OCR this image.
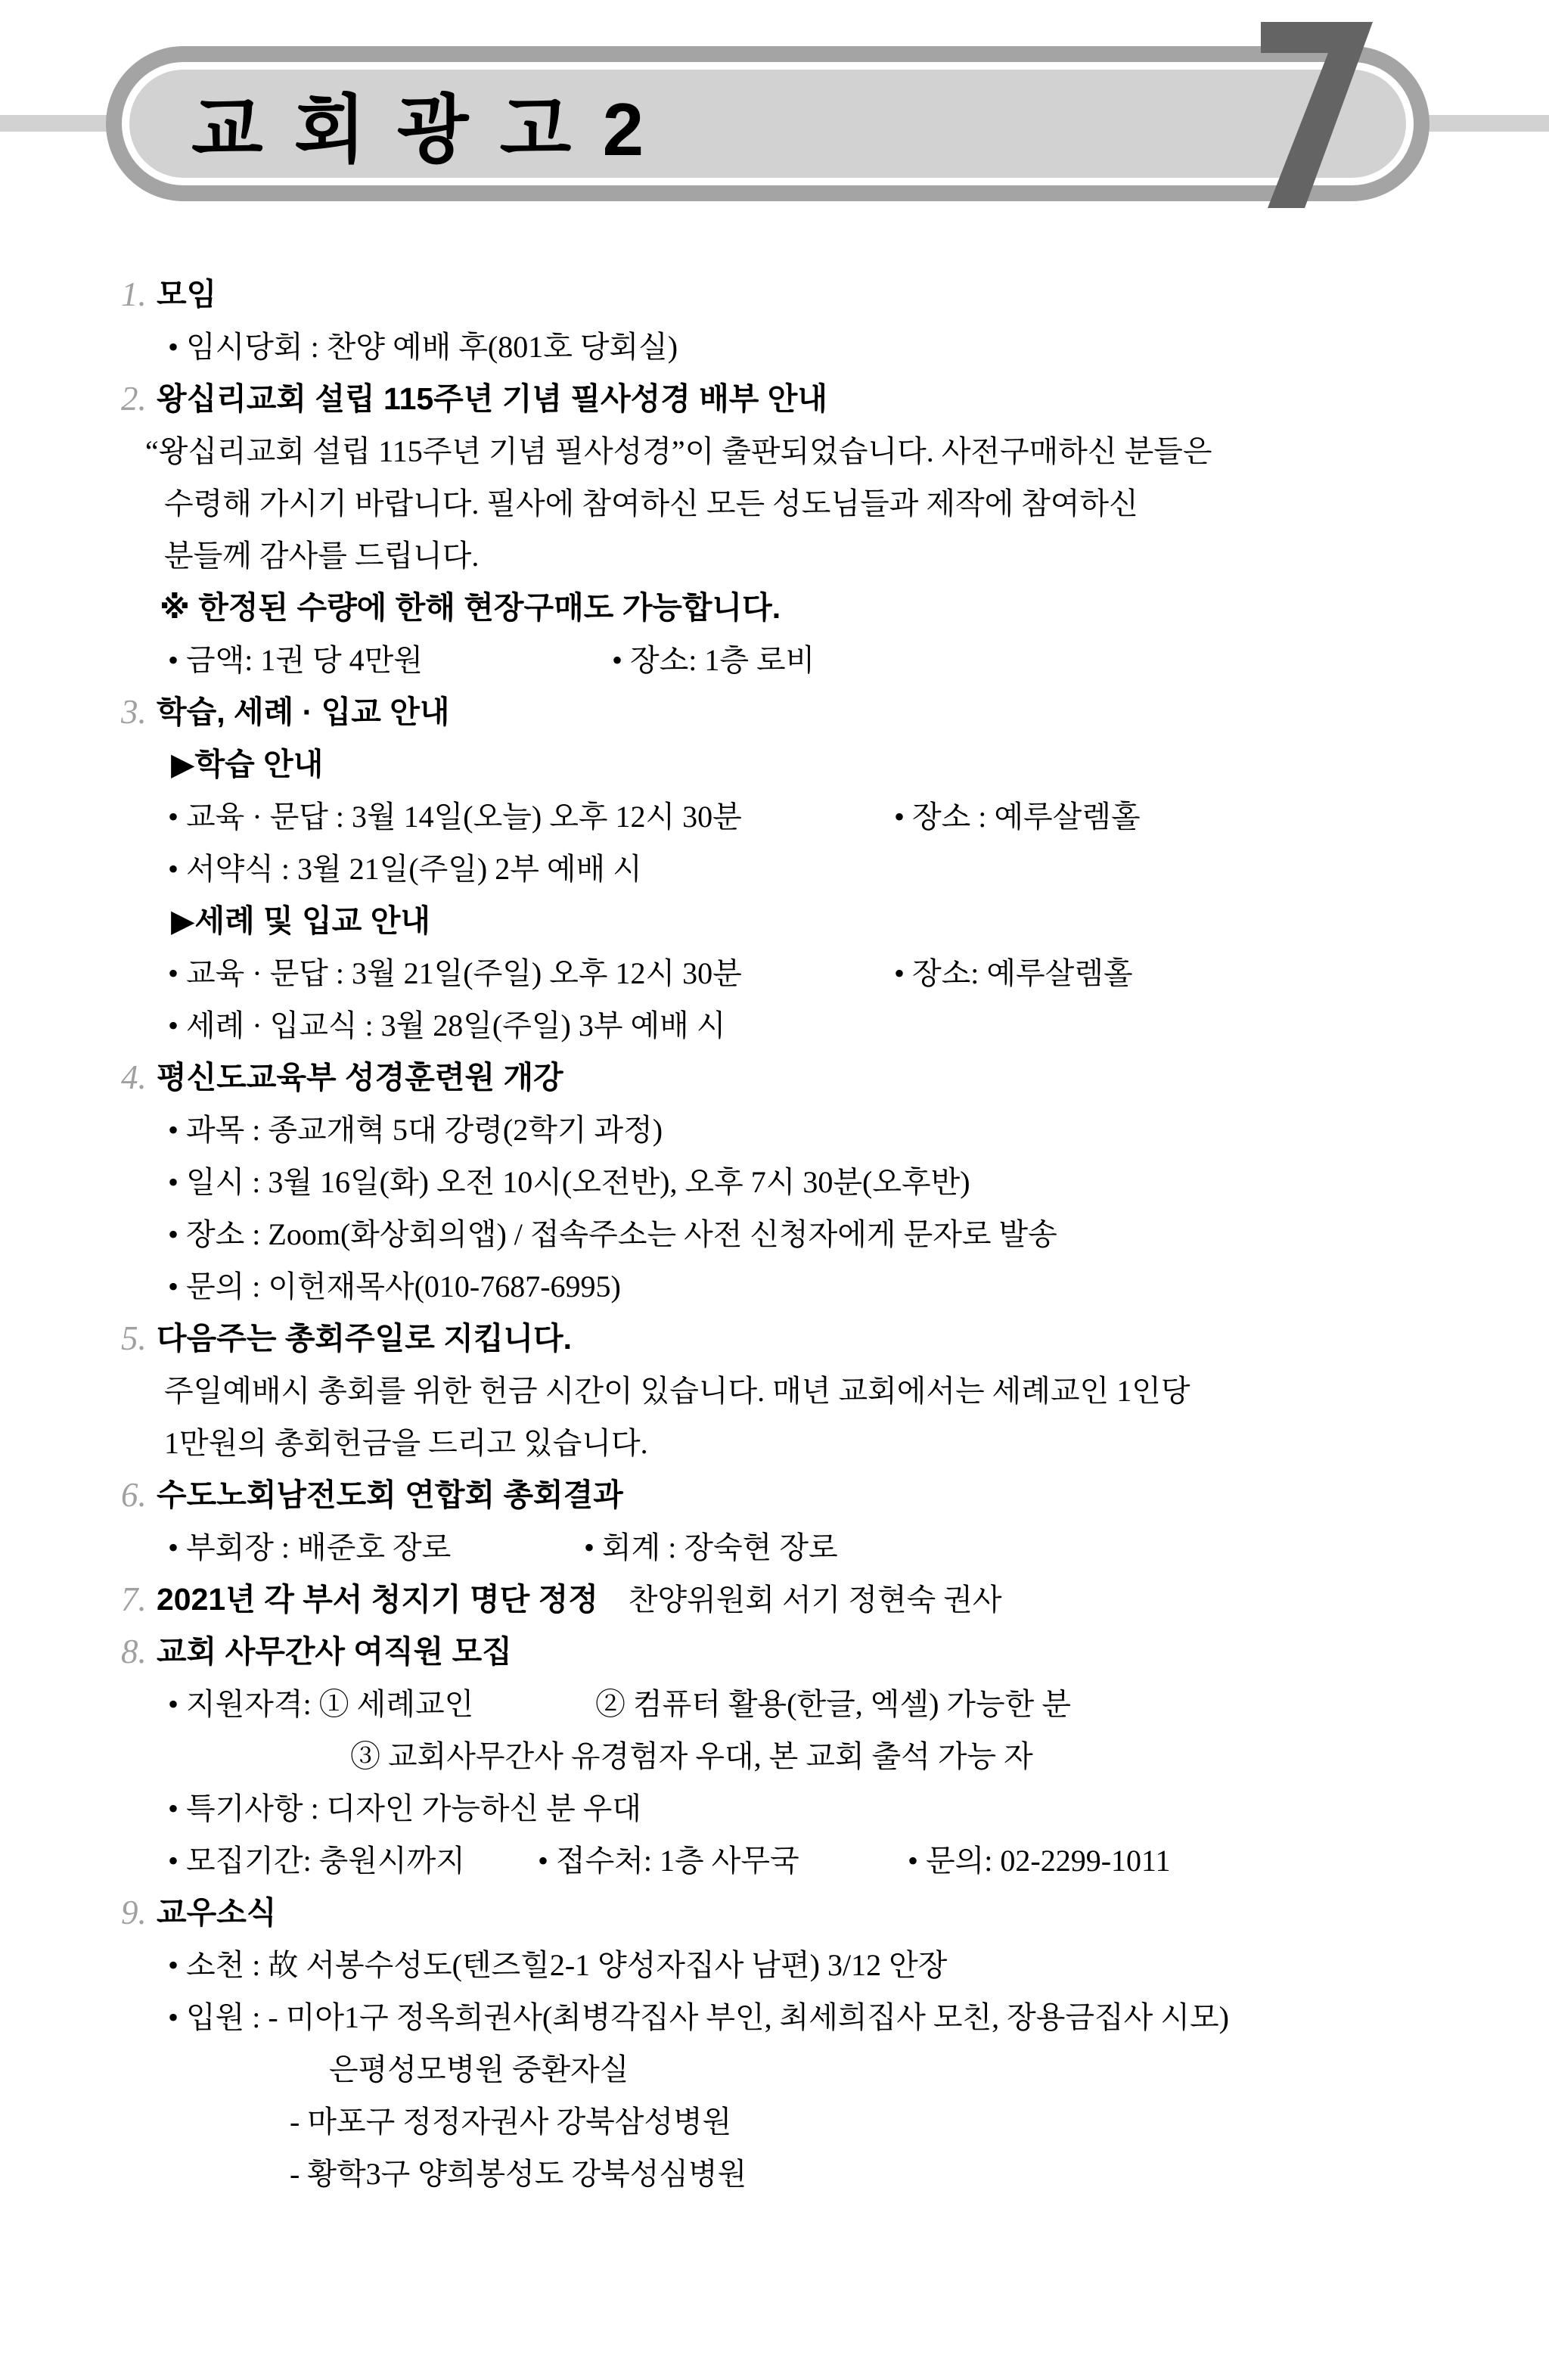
교 회 광 고 2
1. 모임
• 임시당회 : 찬양 예배 후(801호 당회실)
2. 왕십리교회 설립 115주년 기념 필사성경 배부 안내
“왕십리교회 설립 115주년 기념 필사성경”이 출판되었습니다. 사전구매하신 분들은
수령해 가시기 바랍니다. 필사에 참여하신 모든 성도님들과 제작에 참여하신
분들께 감사를 드립니다.
※ 한정된 수량에 한해 현장구매도 가능합니다.
• 금액: 1권 당 4만원	• 장소: 1층 로비
3. 학습, 세례 · 입교 안내
▶학습 안내
• 교육 · 문답 : 3월 14일(오늘) 오후 12시 30분	• 장소 : 예루살렘홀
• 서약식 : 3월 21일(주일) 2부 예배 시
▶세례 및 입교 안내
• 교육 · 문답 : 3월 21일(주일) 오후 12시 30분	• 장소: 예루살렘홀
• 세례 · 입교식 : 3월 28일(주일) 3부 예배 시
4. 평신도교육부 성경훈련원 개강
• 과목 : 종교개혁 5대 강령(2학기 과정)
• 일시 : 3월 16일(화) 오전 10시(오전반), 오후 7시 30분(오후반)
• 장소 : Zoom(화상회의앱) / 접속주소는 사전 신청자에게 문자로 발송
• 문의 : 이헌재목사(010-7687-6995)
5. 다음주는 총회주일로 지킵니다.
주일예배시 총회를 위한 헌금 시간이 있습니다. 매년 교회에서는 세례교인 1인당
1만원의 총회헌금을 드리고 있습니다.
6. 수도노회남전도회 연합회 총회결과
• 부회장 : 배준호 장로	• 회계 : 장숙현 장로
7. 2021년 각 부서 청지기 명단 정정 찬양위원회 서기 정현숙 권사
8. 교회 사무간사 여직원 모집
• 지원자격: ① 세례교인	② 컴퓨터 활용(한글, 엑셀) 가능한 분
③ 교회사무간사 유경험자 우대, 본 교회 출석 가능 자
• 특기사항 : 디자인 가능하신 분 우대
• 모집기간: 충원시까지 • 접수처: 1층 사무국	• 문의: 02-2299-1011
9. 교우소식
• 소천 : 故 서봉수성도(텐즈힐2-1 양성자집사 남편) 3/12 안장
• 입원 : - 미아1구 정옥희권사(최병각집사 부인, 최세희집사 모친, 장용금집사 시모)
은평성모병원 중환자실
- 마포구 정정자권사 강북삼성병원
- 황학3구 양희봉성도 강북성심병원
